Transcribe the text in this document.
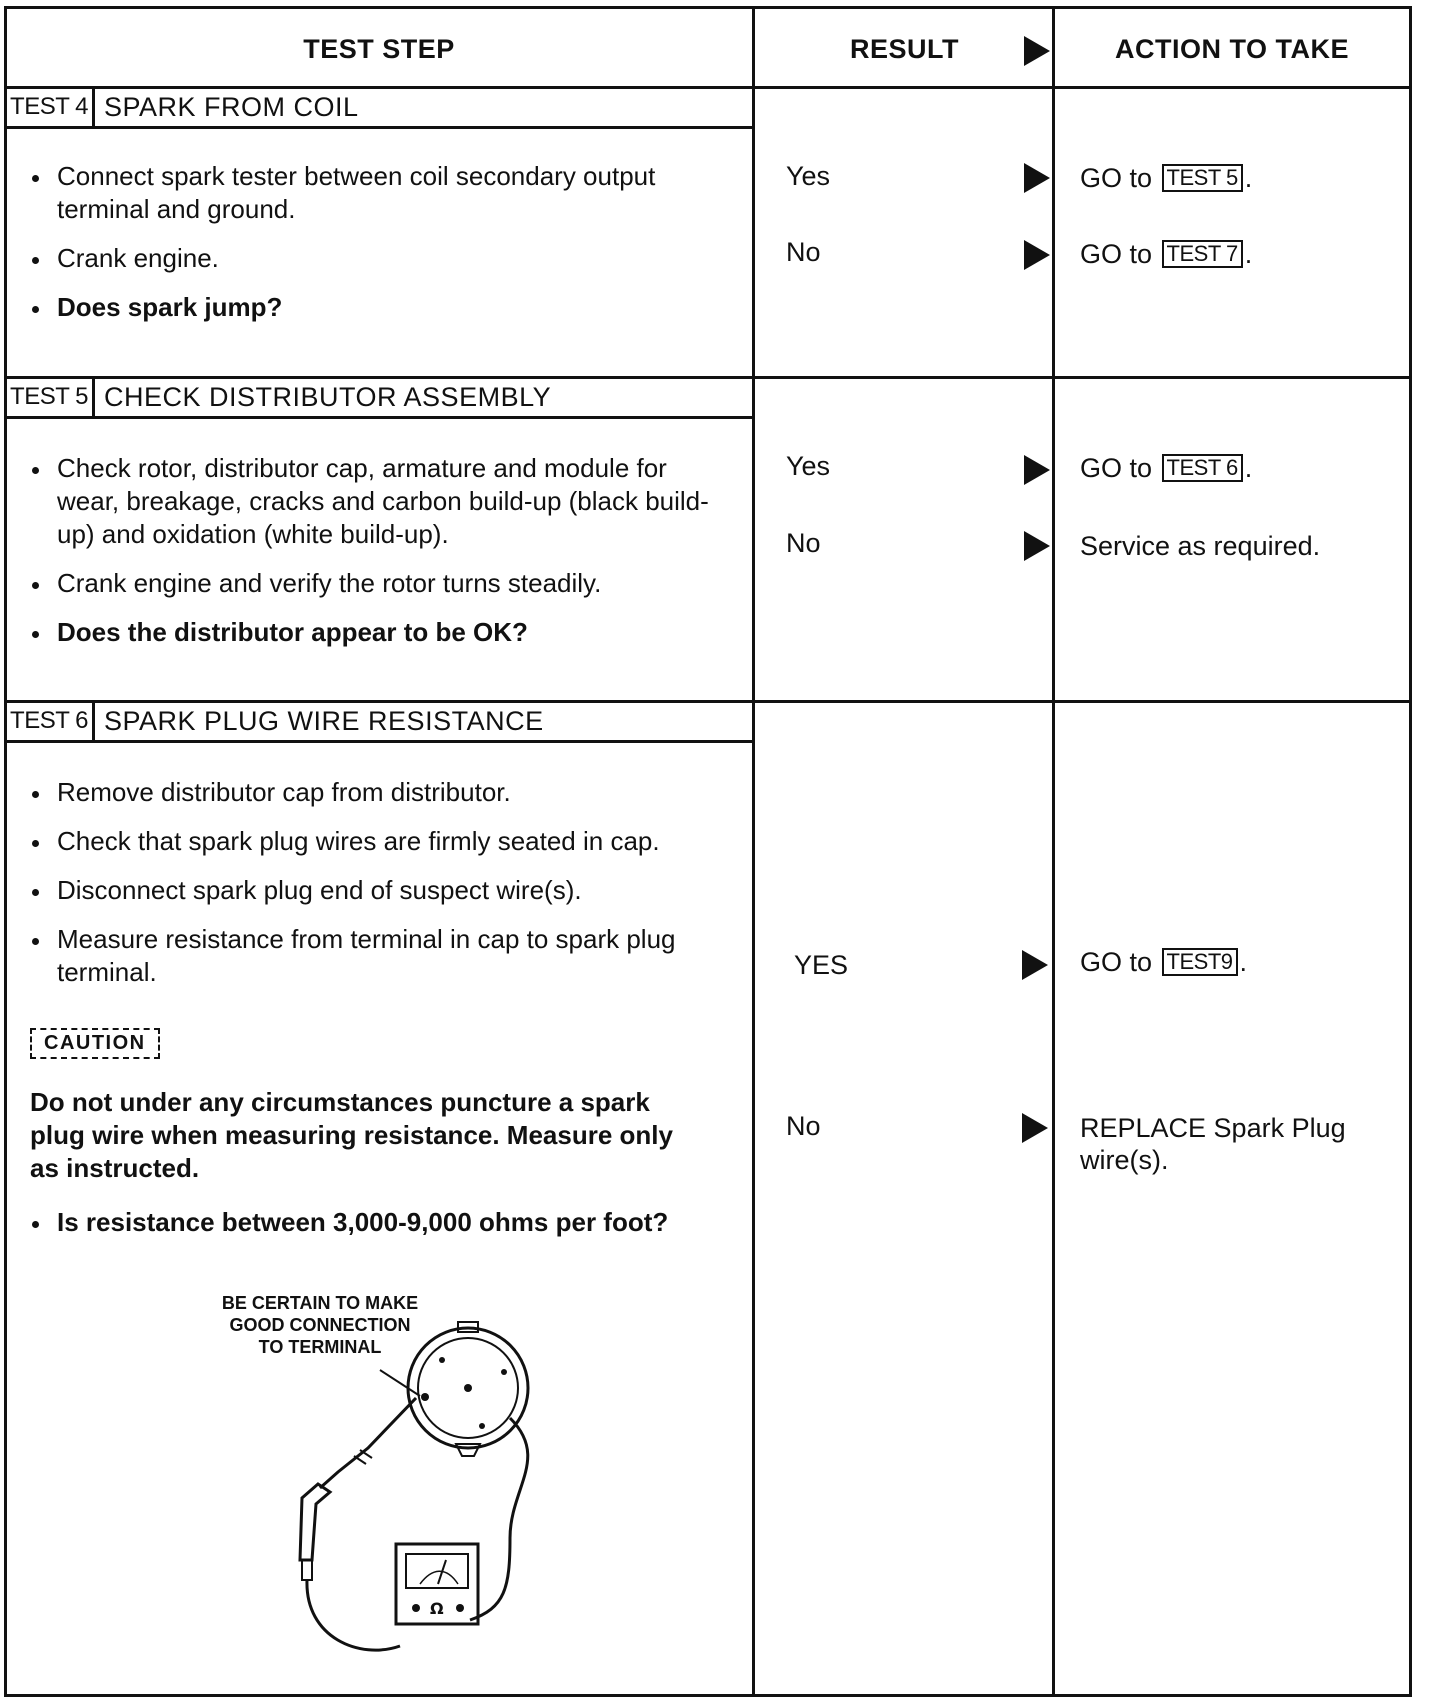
TEST STEP	RESULT	ACTION TO TAKE
TEST 4 SPARK FROM COIL
Connect spark tester between coil secondary output terminal and ground.
Crank engine.
Does spark jump?
Yes	GO to TEST 5 .
No	GO to TEST 7 .
TEST 5 CHECK DISTRIBUTOR ASSEMBLY
Check rotor, distributor cap, armature and module for wear, breakage, cracks and carbon build-up (black build-up) and oxidation (white build-up).
Crank engine and verify the rotor turns steadily.
Does the distributor appear to be OK?
Yes	GO to TEST 6 .
No	Service as required.
TEST 6 SPARK PLUG WIRE RESISTANCE
Remove distributor cap from distributor.
Check that spark plug wires are firmly seated in cap.
Disconnect spark plug end of suspect wire(s).
Measure resistance from terminal in cap to spark plug terminal.
CAUTION
Do not under any circumstances puncture a spark plug wire when measuring resistance. Measure only as instructed.
Is resistance between 3,000-9,000 ohms per foot?
BE CERTAIN TO MAKE GOOD CONNECTION TO TERMINAL
Ω
YES	GO to TEST9 .
No	REPLACE Spark Plug wire(s).
